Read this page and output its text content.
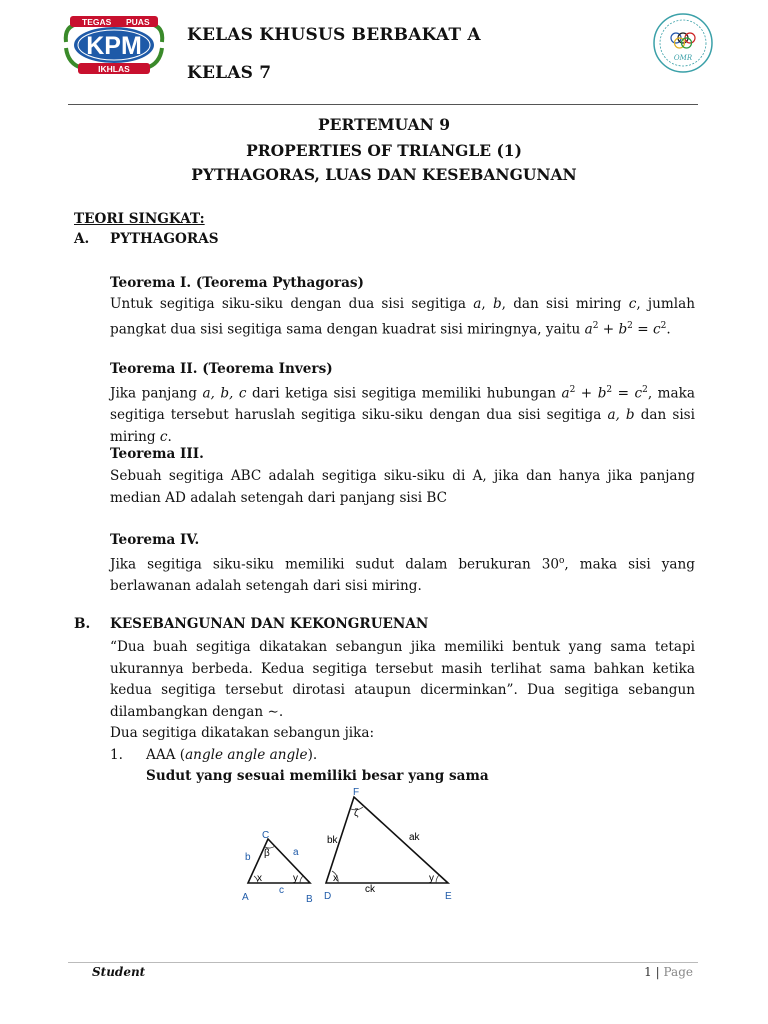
TEGAS PUAS
KPM
IKHLAS
KELAS KHUSUS BERBAKAT A
KELAS 7
OMR
PERTEMUAN 9
PROPERTIES OF TRIANGLE (1)
PYTHAGORAS, LUAS DAN KESEBANGUNAN
TEORI SINGKAT:
A. PYTHAGORAS
Teorema I. (Teorema Pythagoras)
Untuk segitiga siku-siku dengan dua sisi segitiga a, b, dan sisi miring c, jumlah pangkat dua sisi segitiga sama dengan kuadrat sisi miringnya, yaitu $a^2 + b^2 = c^2$.
Teorema II. (Teorema Invers)
Jika panjang a, b, c dari ketiga sisi segitiga memiliki hubungan $a^2 + b^2 = c^2$, maka segitiga tersebut haruslah segitiga siku-siku dengan dua sisi segitiga a, b dan sisi miring c.
Teorema III.
Sebuah segitiga ABC adalah segitiga siku-siku di A, jika dan hanya jika panjang median AD adalah setengah dari panjang sisi BC
Teorema IV.
Jika segitiga siku-siku memiliki sudut dalam berukuran 30$^o$, maka sisi yang berlawanan adalah setengah dari sisi miring.
B. KESEBANGUNAN DAN KEKONGRUENAN
“Dua buah segitiga dikatakan sebangun jika memiliki bentuk yang sama tetapi ukurannya berbeda. Kedua segitiga tersebut masih terlihat sama bahkan ketika kedua segitiga tersebut dirotasi ataupun dicerminkan”. Dua segitiga sebangun dilambangkan dengan ∼.
Dua segitiga dikatakan sebangun jika:
1. AAA (angle angle angle).
Sudut yang sesuai memiliki besar yang sama
C
A	B
a
b
c
x	y
β
F
D	E
bk	ak
ck
x	y
ζ
Student	1 | Page
